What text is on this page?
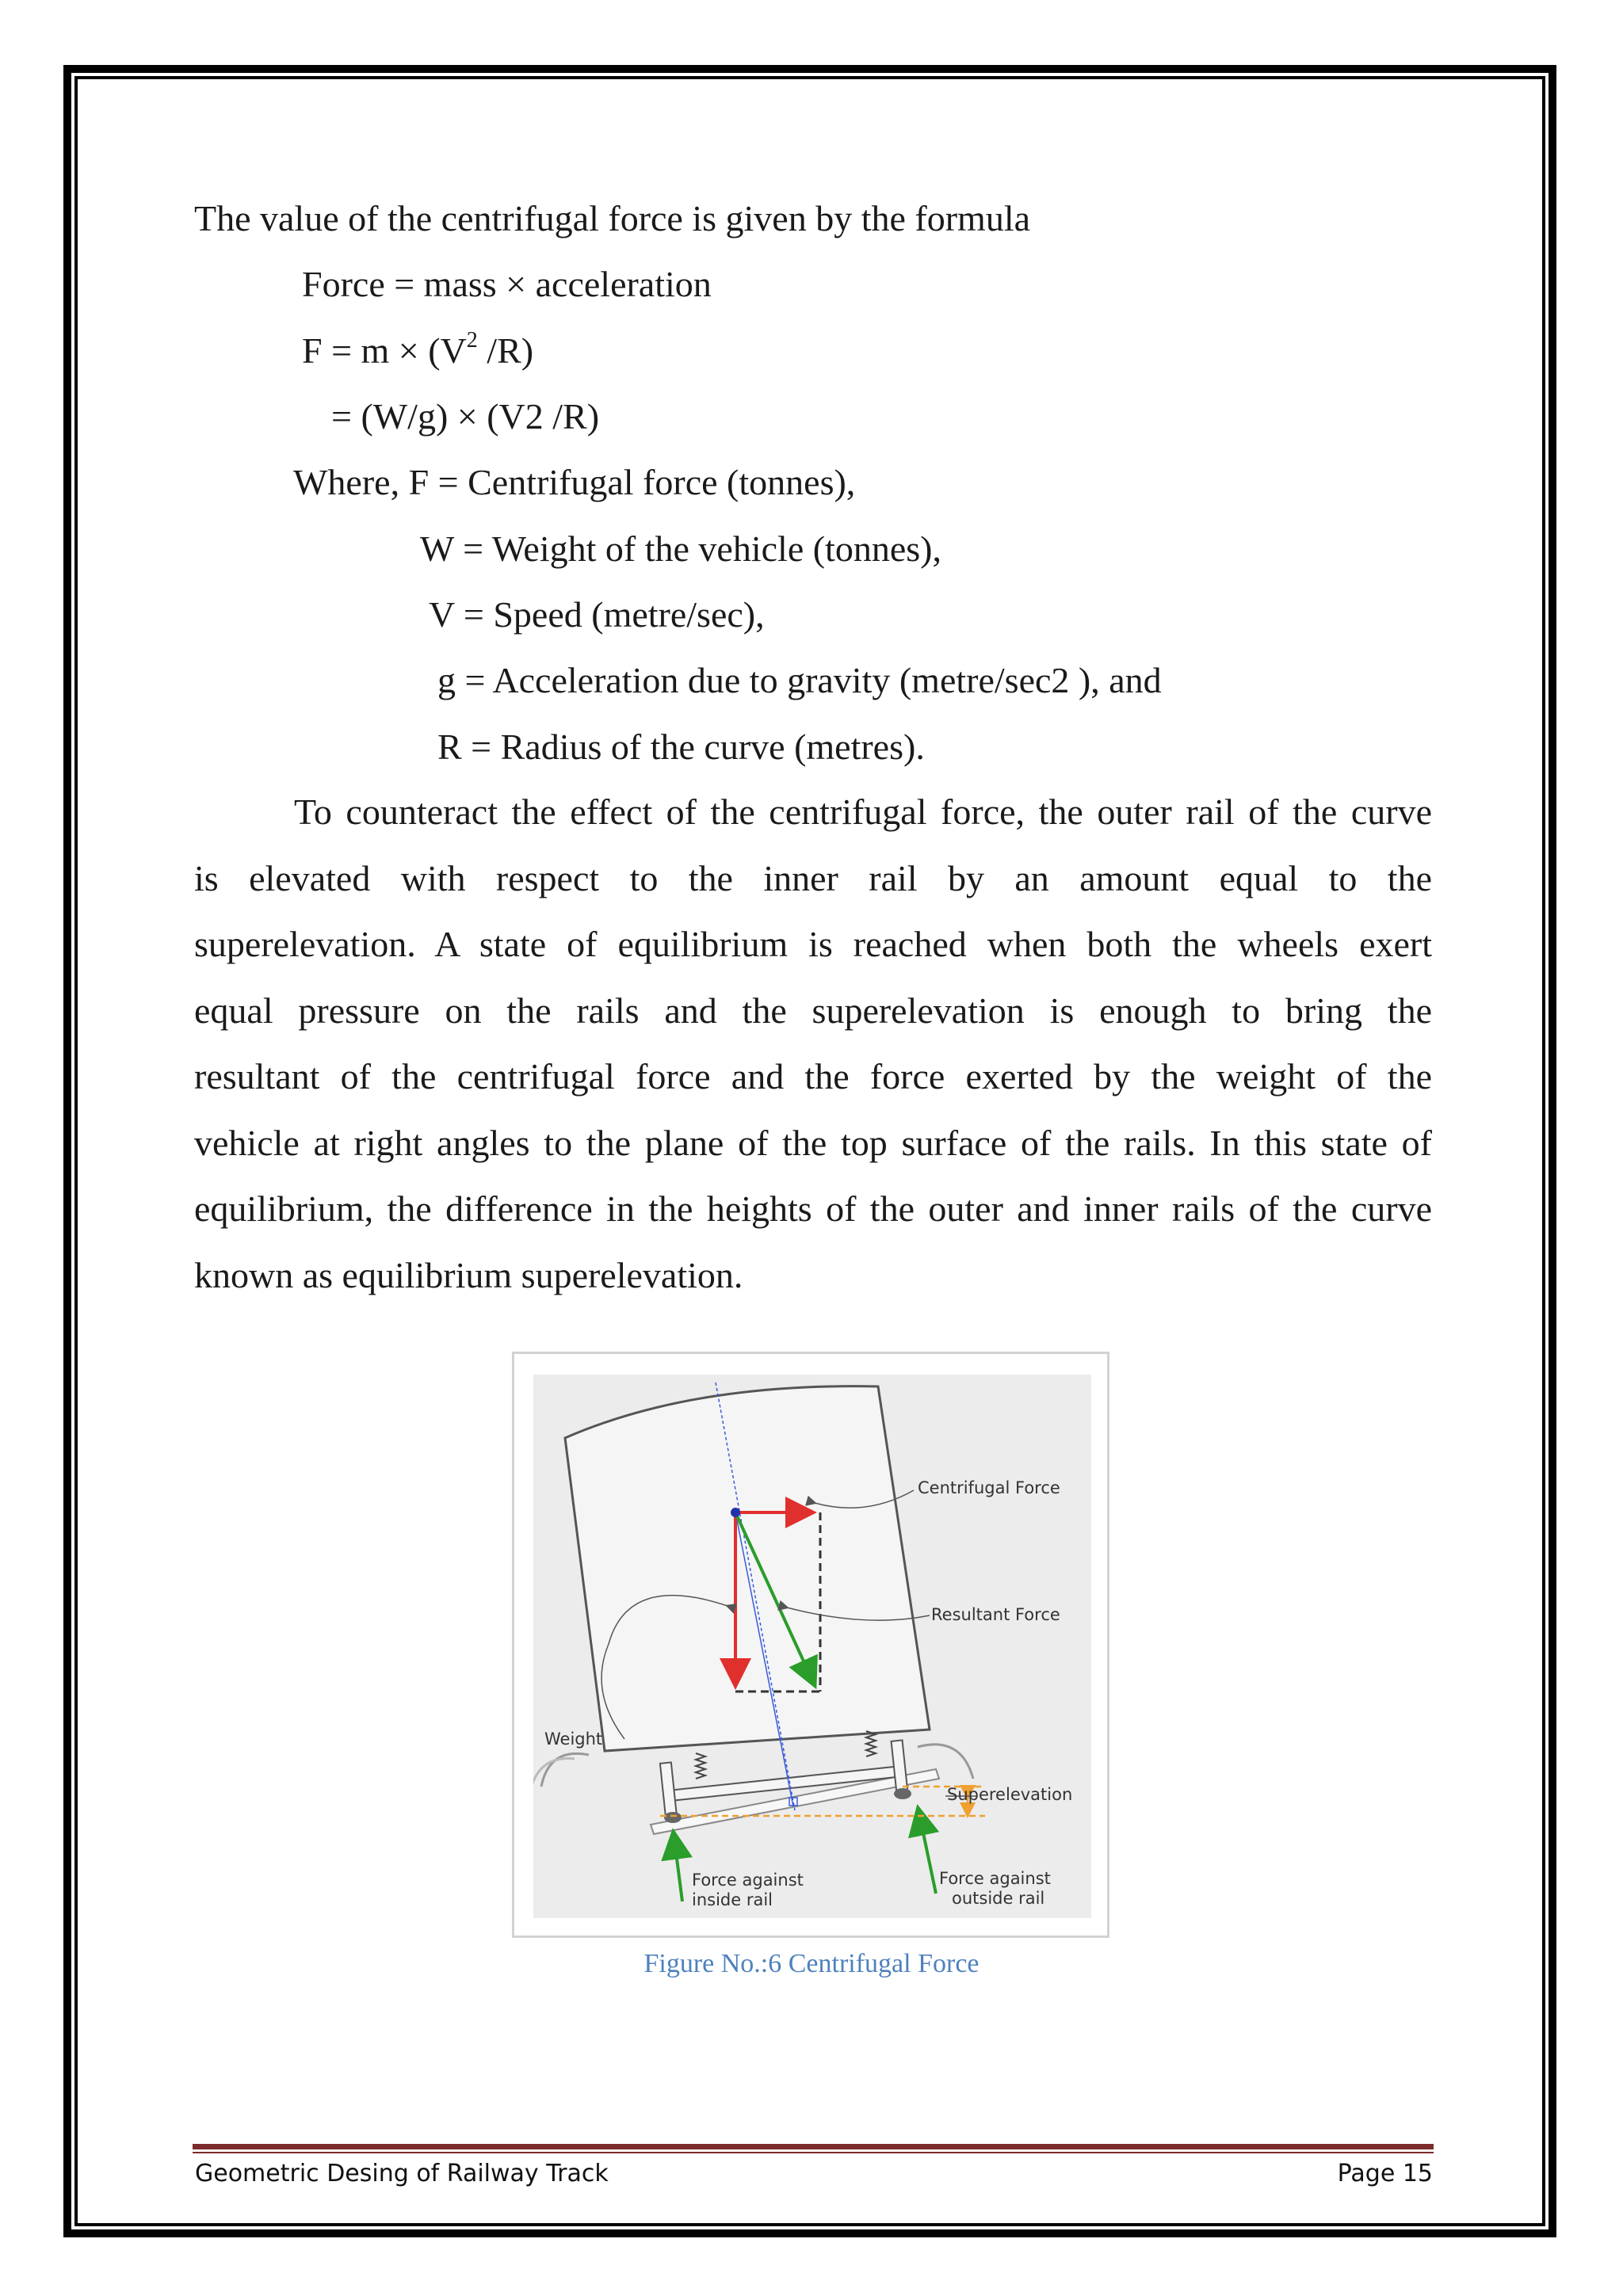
The value of the centrifugal force is given by the formula
Force = mass × acceleration
$F = m \times (V^2$ /R)
= (W/g) × (V2 /R)
Where, F = Centrifugal force (tonnes),
W = Weight of the vehicle (tonnes),
V = Speed (metre/sec),
g = Acceleration due to gravity (metre/sec2 ), and
R = Radius of the curve (metres).
To counteract the effect of the centrifugal force, the outer rail of the curve
is elevated with respect to the inner rail by an amount equal to the
superelevation. A state of equilibrium is reached when both the wheels exert
equal pressure on the rails and the superelevation is enough to bring the
resultant of the centrifugal force and the force exerted by the weight of the
vehicle at right angles to the plane of the top surface of the rails. In this state of
equilibrium, the difference in the heights of the outer and inner rails of the curve
known as equilibrium superelevation.
Centrifugal Force
Resultant Force
Weight
Superelevation
Force against
inside rail
Force against
outside rail
Figure No.:6 Centrifugal Force
Geometric Desing of Railway Track	Page 15
